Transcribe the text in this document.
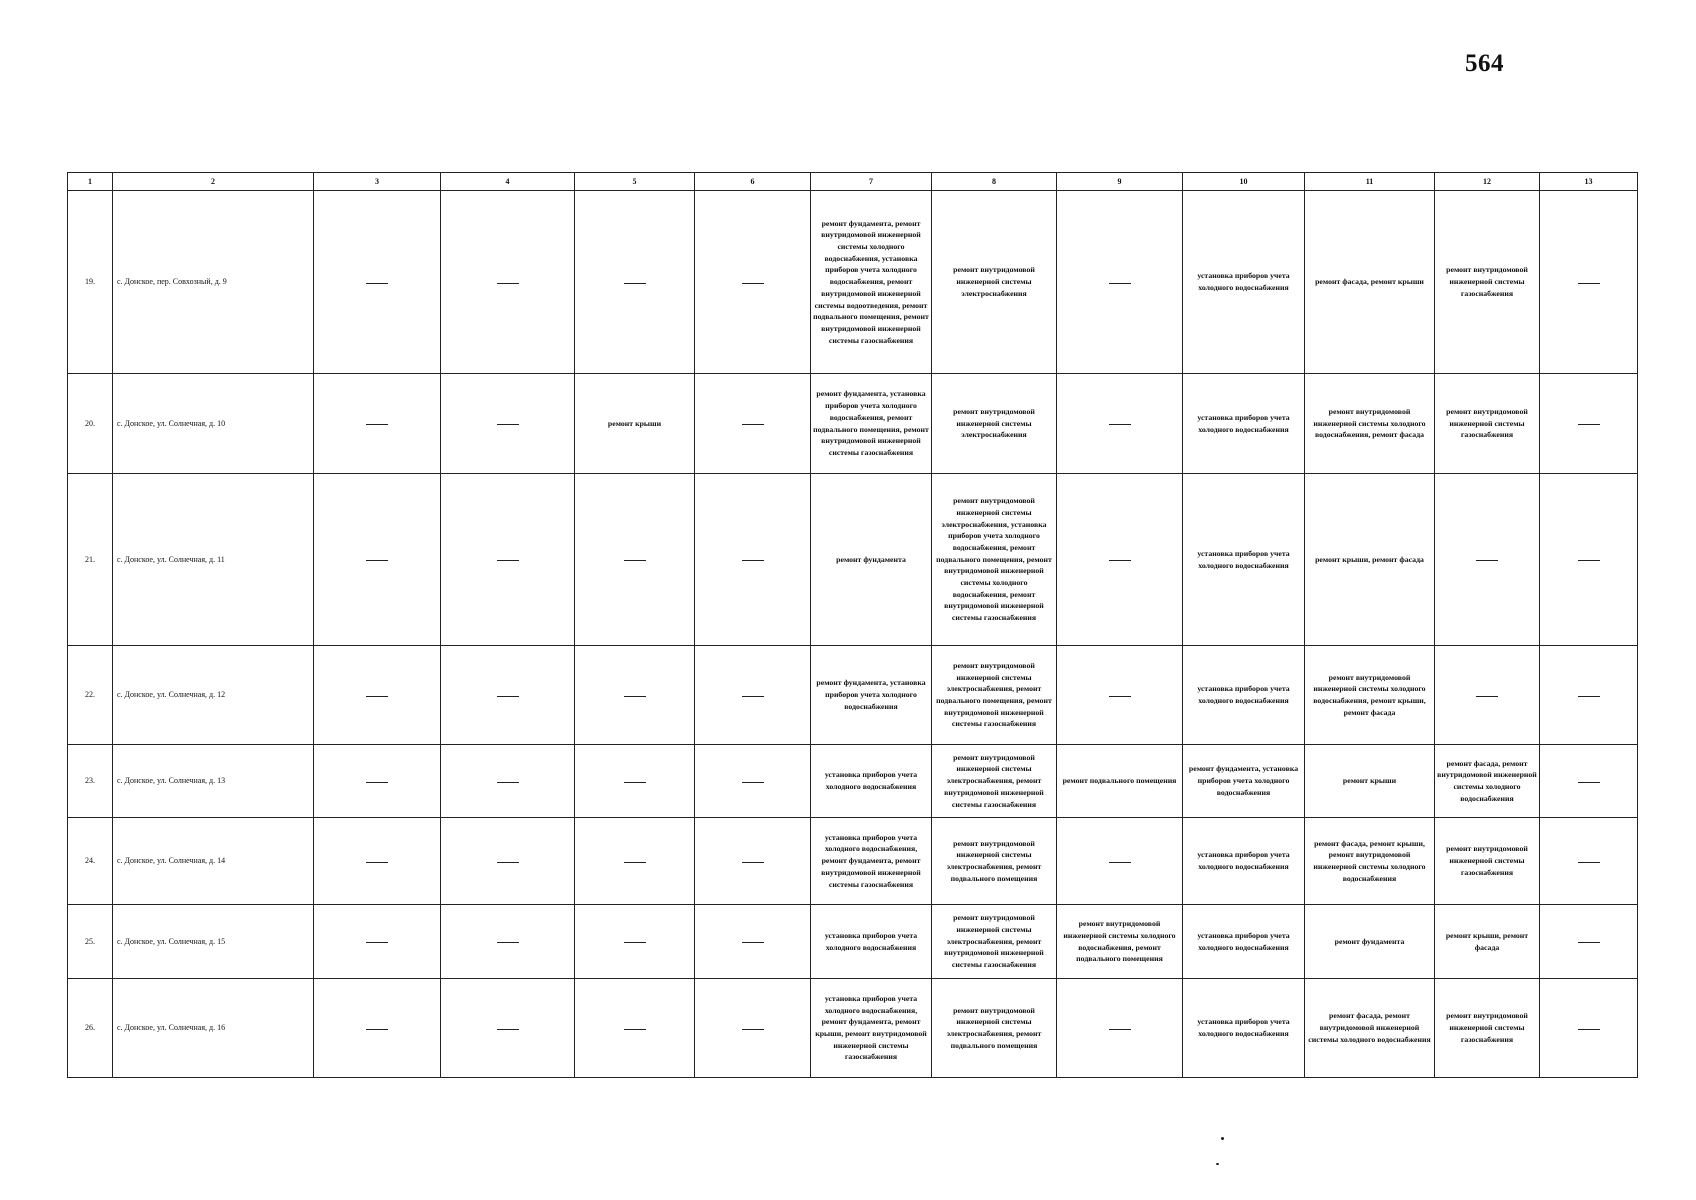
564
1	2	3	4	5	6	7	8	9	10	11	12	13
19.	с. Донское, пер. Совхозный, д. 9					ремонт фундамента, ремонт внутридомовой инженерной системы холодного водоснабжения, установка приборов учета холодного водоснабжения, ремонт внутридомовой инженерной системы водоотведения, ремонт подвального помещения, ремонт внутридомовой инженерной системы газоснабжения	ремонт внутридомовой инженерной системы электроснабжения		установка приборов учета холодного водоснабжения	ремонт фасада, ремонт крыши	ремонт внутридомовой инженерной системы газоснабжения	
20.	с. Донское, ул. Солнечная, д. 10			ремонт крыши		ремонт фундамента, установка приборов учета холодного водоснабжения, ремонт подвального помещения, ремонт внутридомовой инженерной системы газоснабжения	ремонт внутридомовой инженерной системы электроснабжения		установка приборов учета холодного водоснабжения	ремонт внутридомовой инженерной системы холодного водоснабжения, ремонт фасада	ремонт внутридомовой инженерной системы газоснабжения	
21.	с. Донское, ул. Солнечная, д. 11					ремонт фундамента	ремонт внутридомовой инженерной системы электроснабжения, установка приборов учета холодного водоснабжения, ремонт подвального помещения, ремонт внутридомовой инженерной системы холодного водоснабжения, ремонт внутридомовой инженерной системы газоснабжения		установка приборов учета холодного водоснабжения	ремонт крыши, ремонт фасада		
22.	с. Донское, ул. Солнечная, д. 12					ремонт фундамента, установка приборов учета холодного водоснабжения	ремонт внутридомовой инженерной системы электроснабжения, ремонт подвального помещения, ремонт внутридомовой инженерной системы газоснабжения		установка приборов учета холодного водоснабжения	ремонт внутридомовой инженерной системы холодного водоснабжения, ремонт крыши, ремонт фасада		
23.	с. Донское, ул. Солнечная, д. 13					установка приборов учета холодного водоснабжения	ремонт внутридомовой инженерной системы электроснабжения, ремонт внутридомовой инженерной системы газоснабжения	ремонт подвального помещения	ремонт фундамента, установка приборов учета холодного водоснабжения	ремонт крыши	ремонт фасада, ремонт внутридомовой инженерной системы холодного водоснабжения	
24.	с. Донское, ул. Солнечная, д. 14					установка приборов учета холодного водоснабжения, ремонт фундамента, ремонт внутридомовой инженерной системы газоснабжения	ремонт внутридомовой инженерной системы электроснабжения, ремонт подвального помещения		установка приборов учета холодного водоснабжения	ремонт фасада, ремонт крыши, ремонт внутридомовой инженерной системы холодного водоснабжения	ремонт внутридомовой инженерной системы газоснабжения	
25.	с. Донское, ул. Солнечная, д. 15					установка приборов учета холодного водоснабжения	ремонт внутридомовой инженерной системы электроснабжения, ремонт внутридомовой инженерной системы газоснабжения	ремонт внутридомовой инженерной системы холодного водоснабжения, ремонт подвального помещения	установка приборов учета холодного водоснабжения	ремонт фундамента	ремонт крыши, ремонт фасада	
26.	с. Донское, ул. Солнечная, д. 16					установка приборов учета холодного водоснабжения, ремонт фундамента, ремонт крыши, ремонт внутридомовой инженерной системы газоснабжения	ремонт внутридомовой инженерной системы электроснабжения, ремонт подвального помещения		установка приборов учета холодного водоснабжения	ремонт фасада, ремонт внутридомовой инженерной системы холодного водоснабжения	ремонт внутридомовой инженерной системы газоснабжения	
